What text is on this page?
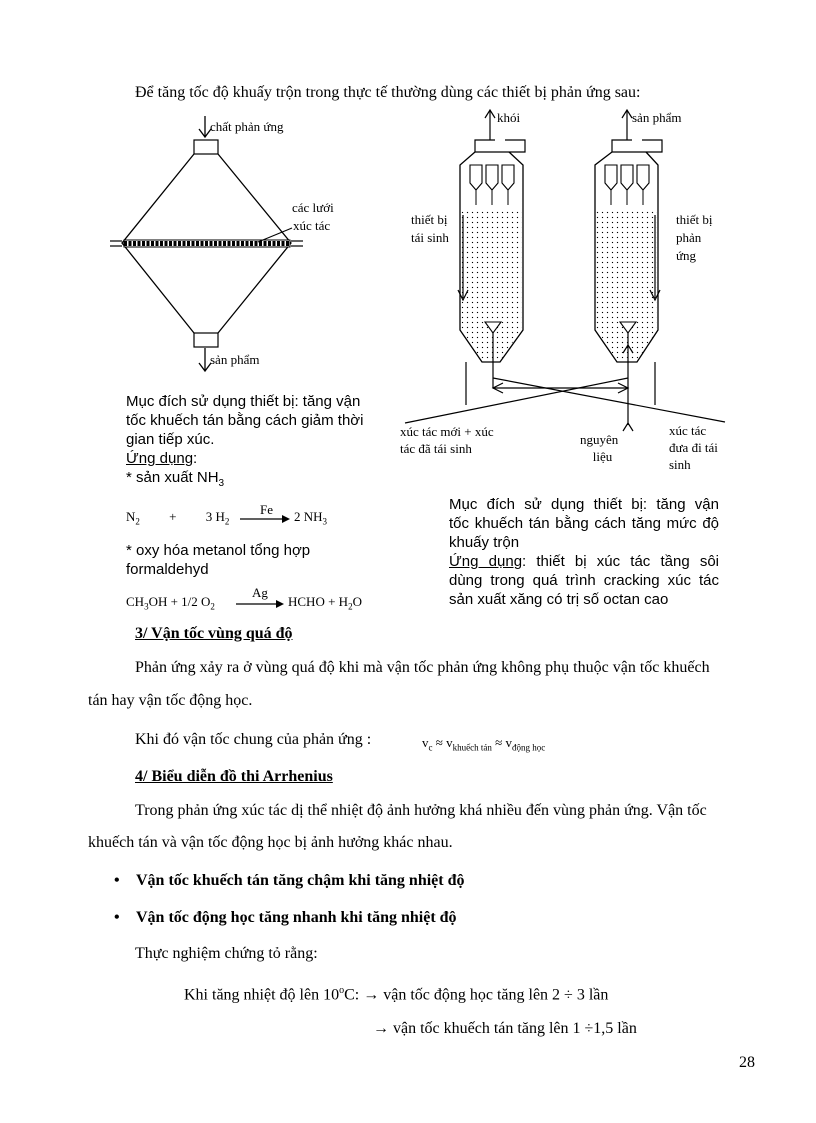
Để tăng tốc độ khuấy trộn trong thực tế thường dùng các thiết bị phản ứng sau:
chất phản ứng
các lưới
xúc tác
sản phẩm
Mục đích sử dụng thiết bị: tăng vận
tốc khuếch tán bằng cách giảm thời
gian tiếp xúc.
Ứng dụng:
* sản xuất $NH_3$
$N_2 + 3$ $H_2$
Fe → 2 $NH_3$
* oxy hóa metanol tổng hợp
formaldehyd
$CH_3OH + 1/2$ $O_2$
Ag
→ HCHO + $H_2O$
khói	sản phẩm
thiết bị
tái sinh
thiết bị
phản
ứng
xúc tác mới + xúc
tác đã tái sinh
nguyên
liệu
xúc tác
đưa đi tái
sinh
Mục đích sử dụng thiết bị: tăng vận
tốc khuếch tán bằng cách tăng mức độ
khuấy trộn
Ứng dụng: thiết bị xúc tác tầng sôi
dùng trong quá trình cracking xúc tác
sản xuất xăng có trị số octan cao
3/ Vận tốc vùng quá độ
Phản ứng xảy ra ở vùng quá độ khi mà vận tốc phản ứng không phụ thuộc vận tốc khuếch
tán hay vận tốc động học.
Khi đó vận tốc chung của phản ứng :	$v_c \approx v_{khuếch tán} \approx v_{động học}$
4/ Biểu diễn đồ thi Arrhenius
Trong phản ứng xúc tác dị thể nhiệt độ ảnh hưởng khá nhiều đến vùng phản ứng. Vận tốc
khuếch tán và vận tốc động học bị ảnh hưởng khác nhau.
• Vận tốc khuếch tán tăng chậm khi tăng nhiệt độ
• Vận tốc động học tăng nhanh khi tăng nhiệt độ
Thực nghiệm chứng tỏ rằng:
Khi tăng nhiệt độ lên $10^oC$: → vận tốc động học tăng lên 2 ÷ 3 lần
→ vận tốc khuếch tán tăng lên 1 ÷1,5 lần
28
